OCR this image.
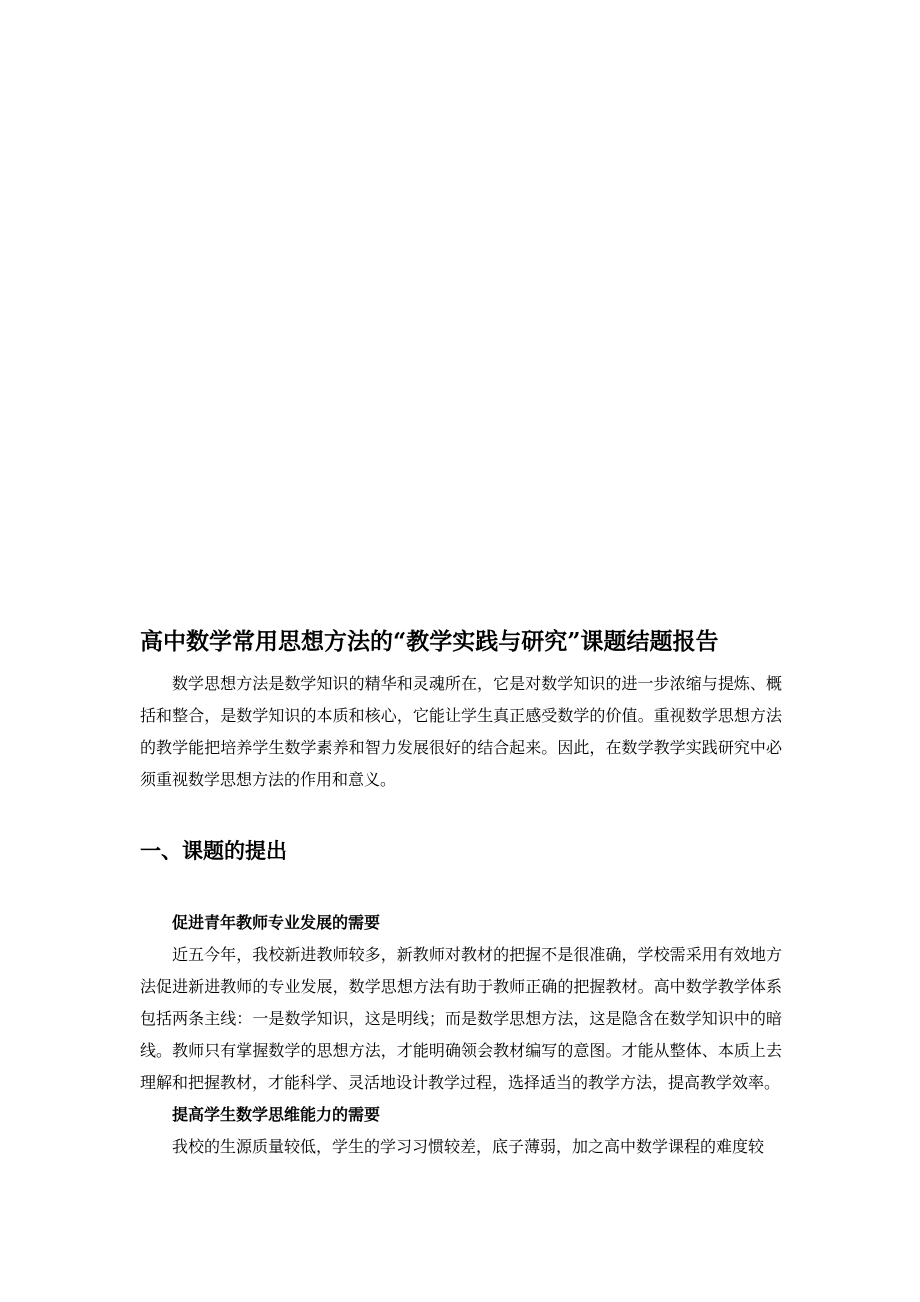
高中数学常用思想方法的“教学实践与研究”课题结题报告

数学思想方法是数学知识的精华和灵魂所在，它是对数学知识的进一步浓缩与提炼、概括和整合，是数学知识的本质和核心，它能让学生真正感受数学的价值。重视数学思想方法的教学能把培养学生数学素养和智力发展很好的结合起来。因此，在数学教学实践研究中必须重视数学思想方法的作用和意义。

一、课题的提出
促进青年教师专业发展的需要

近五今年，我校新进教师较多，新教师对教材的把握不是很准确，学校需采用有效地方法促进新进教师的专业发展，数学思想方法有助于教师正确的把握教材。高中数学教学体系包括两条主线：一是数学知识，这是明线；而是数学思想方法，这是隐含在数学知识中的暗线。教师只有掌握数学的思想方法，才能明确领会教材编写的意图。才能从整体、本质上去理解和把握教材，才能科学、灵活地设计教学过程，选择适当的教学方法，提高教学效率。

提高学生数学思维能力的需要

我校的生源质量较低，学生的学习习惯较差，底子薄弱，加之高中数学课程的难度较
